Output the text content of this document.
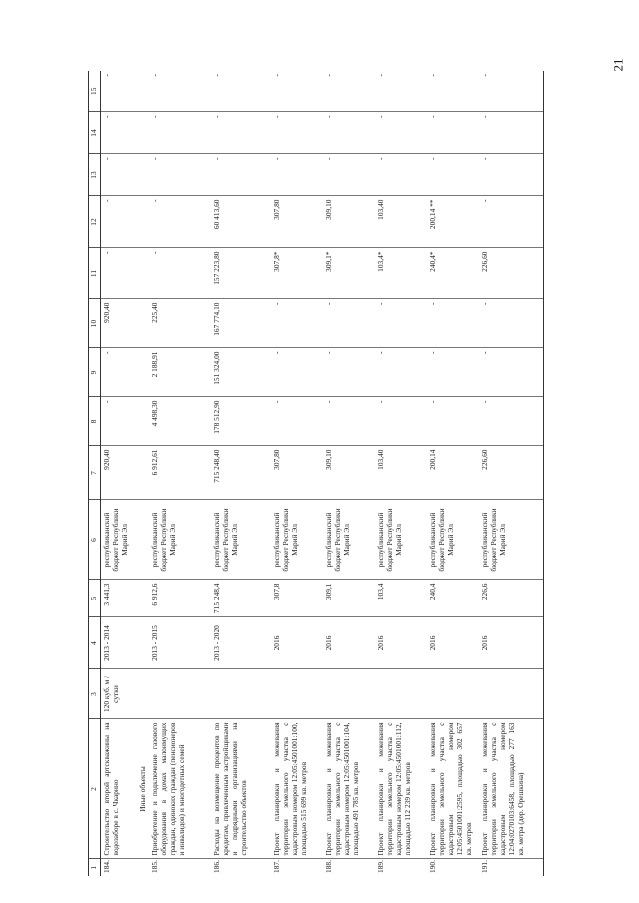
21
1	2	3	4	5	6	7	8	9	10	11	12	13	14	15
184.	Строительство второй артскважины на водозаборе в с. Чкарино	120 куб. м / сутки	2013 - 2014	3 441,3	республиканский бюджет Республики Марий Эл	920,40	-	-	920,40	-	-	-	-	-
	Иные объекты													
185.	Приобретение и подключение газового оборудования в домах малоимущих граждан, одиноких граждан (пенсионеров и инвалидов) и многодетных семей		2013 - 2015	6 912,6	республиканский бюджет Республики Марий Эл	6 912,61	4 498,30	2 188,91	225,40	-	-	-	-	-
186.	Расходы на возмещение процентов по кредитам, привлеченным застройщиками и подрядными организациями на строительство объектов		2013 - 2020	715 248,4	республиканский бюджет Республики Марий Эл	715 248,40	178 512,90	151 324,00	167 774,10	157 223,80	60 413,60	-	-	-
187.	Проект планировки и межевания территории земельного участка с кадастровым номером 12:05:4501001:100, площадью 515 699 кв. метров		2016	307,8	республиканский бюджет Республики Марий Эл	307,80	-	-	-	307,8*	307,80	-	-	-
188.	Проект планировки и межевания территории земельного участка с кадастровым номером 12:05:4501001:104, площадью 491 785 кв. метров		2016	309,1	республиканский бюджет Республики Марий Эл	309,10	-	-	-	309,1*	309,10	-	-	-
189.	Проект планировки и межевания территории земельного участка с кадастровым номером 12:05:4501001:112, площадью 112 239 кв. метров		2016	103,4	республиканский бюджет Республики Марий Эл	103,40	-	-	-	103,4*	103,40	-	-	-
190.	Проект планировки и межевания территории земельного участка с кадастровым номером 12:05:4501001:2595, площадью 302 657 кв. метров		2016	240,4	республиканский бюджет Республики Марий Эл	200,14	-	-	-	240,4*	200,14 **	-	-	-
191.	Проект планировки и межевания территории земельного участка с кадастровым номером 12:04:0270103:6458, площадью 277 163 кв. метра (дер. Орешкина)		2016	226,6	республиканский бюджет Республики Марий Эл	226,60	-	-	-	226,60	-	-	-	-
